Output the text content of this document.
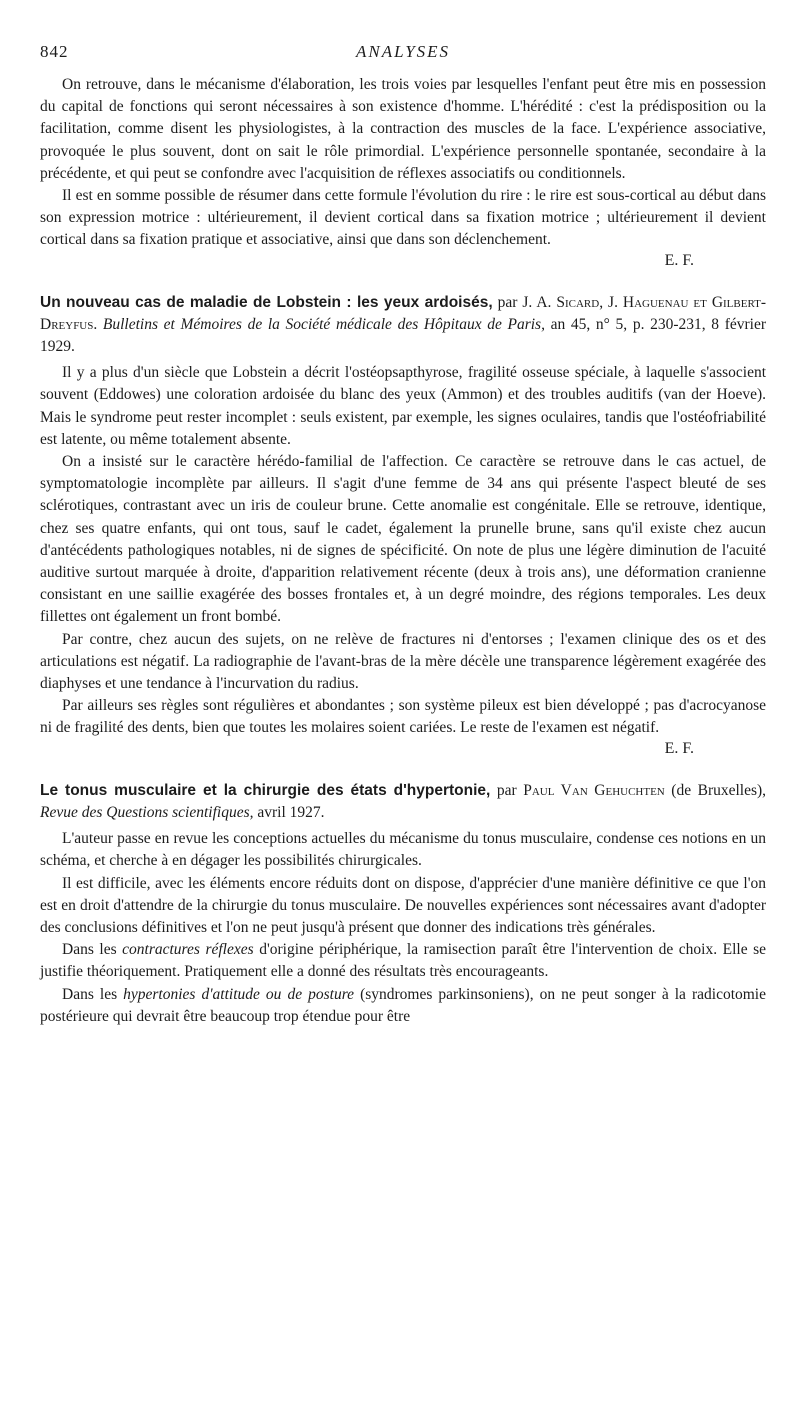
842	ANALYSES

On retrouve, dans le mécanisme d'élaboration, les trois voies par lesquelles l'enfant peut être mis en possession du capital de fonctions qui seront nécessaires à son existence d'homme. L'hérédité : c'est la prédisposition ou la facilitation, comme disent les physiologistes, à la contraction des muscles de la face. L'expérience associative, provoquée le plus souvent, dont on sait le rôle primordial. L'expérience personnelle spontanée, secondaire à la précédente, et qui peut se confondre avec l'acquisition de réflexes associatifs ou conditionnels.

Il est en somme possible de résumer dans cette formule l'évolution du rire : le rire est sous-cortical au début dans son expression motrice : ultérieurement, il devient cortical dans sa fixation motrice ; ultérieurement il devient cortical dans sa fixation pratique et associative, ainsi que dans son déclenchement.

E. F.
Un nouveau cas de maladie de Lobstein : les yeux ardoisés, par J. A. Sicard, J. Haguenau et Gilbert-Dreyfus. Bulletins et Mémoires de la Société médicale des Hôpitaux de Paris, an 45, n° 5, p. 230-231, 8 février 1929.

Il y a plus d'un siècle que Lobstein a décrit l'ostéopsapthyrose, fragilité osseuse spéciale, à laquelle s'associent souvent (Eddowes) une coloration ardoisée du blanc des yeux (Ammon) et des troubles auditifs (van der Hoeve). Mais le syndrome peut rester incomplet : seuls existent, par exemple, les signes oculaires, tandis que l'ostéofriabilité est latente, ou même totalement absente.

On a insisté sur le caractère hérédo-familial de l'affection. Ce caractère se retrouve dans le cas actuel, de symptomatologie incomplète par ailleurs. Il s'agit d'une femme de 34 ans qui présente l'aspect bleuté de ses sclérotiques, contrastant avec un iris de couleur brune. Cette anomalie est congénitale. Elle se retrouve, identique, chez ses quatre enfants, qui ont tous, sauf le cadet, également la prunelle brune, sans qu'il existe chez aucun d'antécédents pathologiques notables, ni de signes de spécificité. On note de plus une légère diminution de l'acuité auditive surtout marquée à droite, d'apparition relativement récente (deux à trois ans), une déformation cranienne consistant en une saillie exagérée des bosses frontales et, à un degré moindre, des régions temporales. Les deux fillettes ont également un front bombé.

Par contre, chez aucun des sujets, on ne relève de fractures ni d'entorses ; l'examen clinique des os et des articulations est négatif. La radiographie de l'avant-bras de la mère décèle une transparence légèrement exagérée des diaphyses et une tendance à l'incurvation du radius.

Par ailleurs ses règles sont régulières et abondantes ; son système pileux est bien développé ; pas d'acrocyanose ni de fragilité des dents, bien que toutes les molaires soient cariées. Le reste de l'examen est négatif.

E. F.
Le tonus musculaire et la chirurgie des états d'hypertonie, par Paul Van Gehuchten (de Bruxelles), Revue des Questions scientifiques, avril 1927.

L'auteur passe en revue les conceptions actuelles du mécanisme du tonus musculaire, condense ces notions en un schéma, et cherche à en dégager les possibilités chirurgicales.

Il est difficile, avec les éléments encore réduits dont on dispose, d'apprécier d'une manière définitive ce que l'on est en droit d'attendre de la chirurgie du tonus musculaire. De nouvelles expériences sont nécessaires avant d'adopter des conclusions définitives et l'on ne peut jusqu'à présent que donner des indications très générales.

Dans les contractures réflexes d'origine périphérique, la ramisection paraît être l'intervention de choix. Elle se justifie théoriquement. Pratiquement elle a donné des résultats très encourageants.

Dans les hypertonies d'attitude ou de posture (syndromes parkinsoniens), on ne peut songer à la radicotomie postérieure qui devrait être beaucoup trop étendue pour être
